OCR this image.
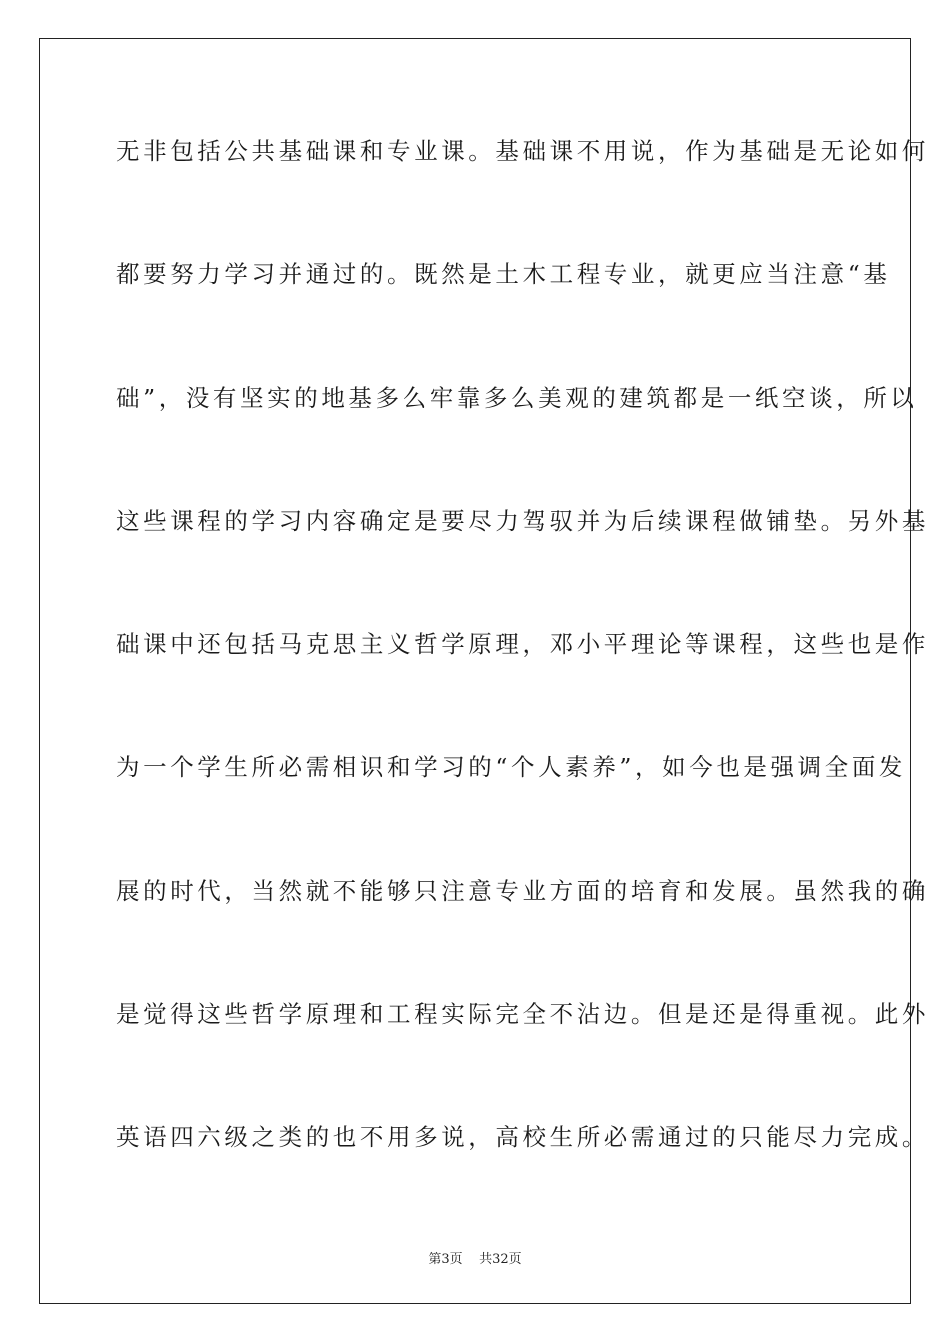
无非包括公共基础课和专业课。基础课不用说，作为基础是无论如何
都要努力学习并通过的。既然是土木工程专业，就更应当注意“基
础”，没有坚实的地基多么牢靠多么美观的建筑都是一纸空谈，所以
这些课程的学习内容确定是要尽力驾驭并为后续课程做铺垫。另外基
础课中还包括马克思主义哲学原理，邓小平理论等课程，这些也是作
为一个学生所必需相识和学习的“个人素养”，如今也是强调全面发
展的时代，当然就不能够只注意专业方面的培育和发展。虽然我的确
是觉得这些哲学原理和工程实际完全不沾边。但是还是得重视。此外
英语四六级之类的也不用多说，高校生所必需通过的只能尽力完成。
第3页 共32页
